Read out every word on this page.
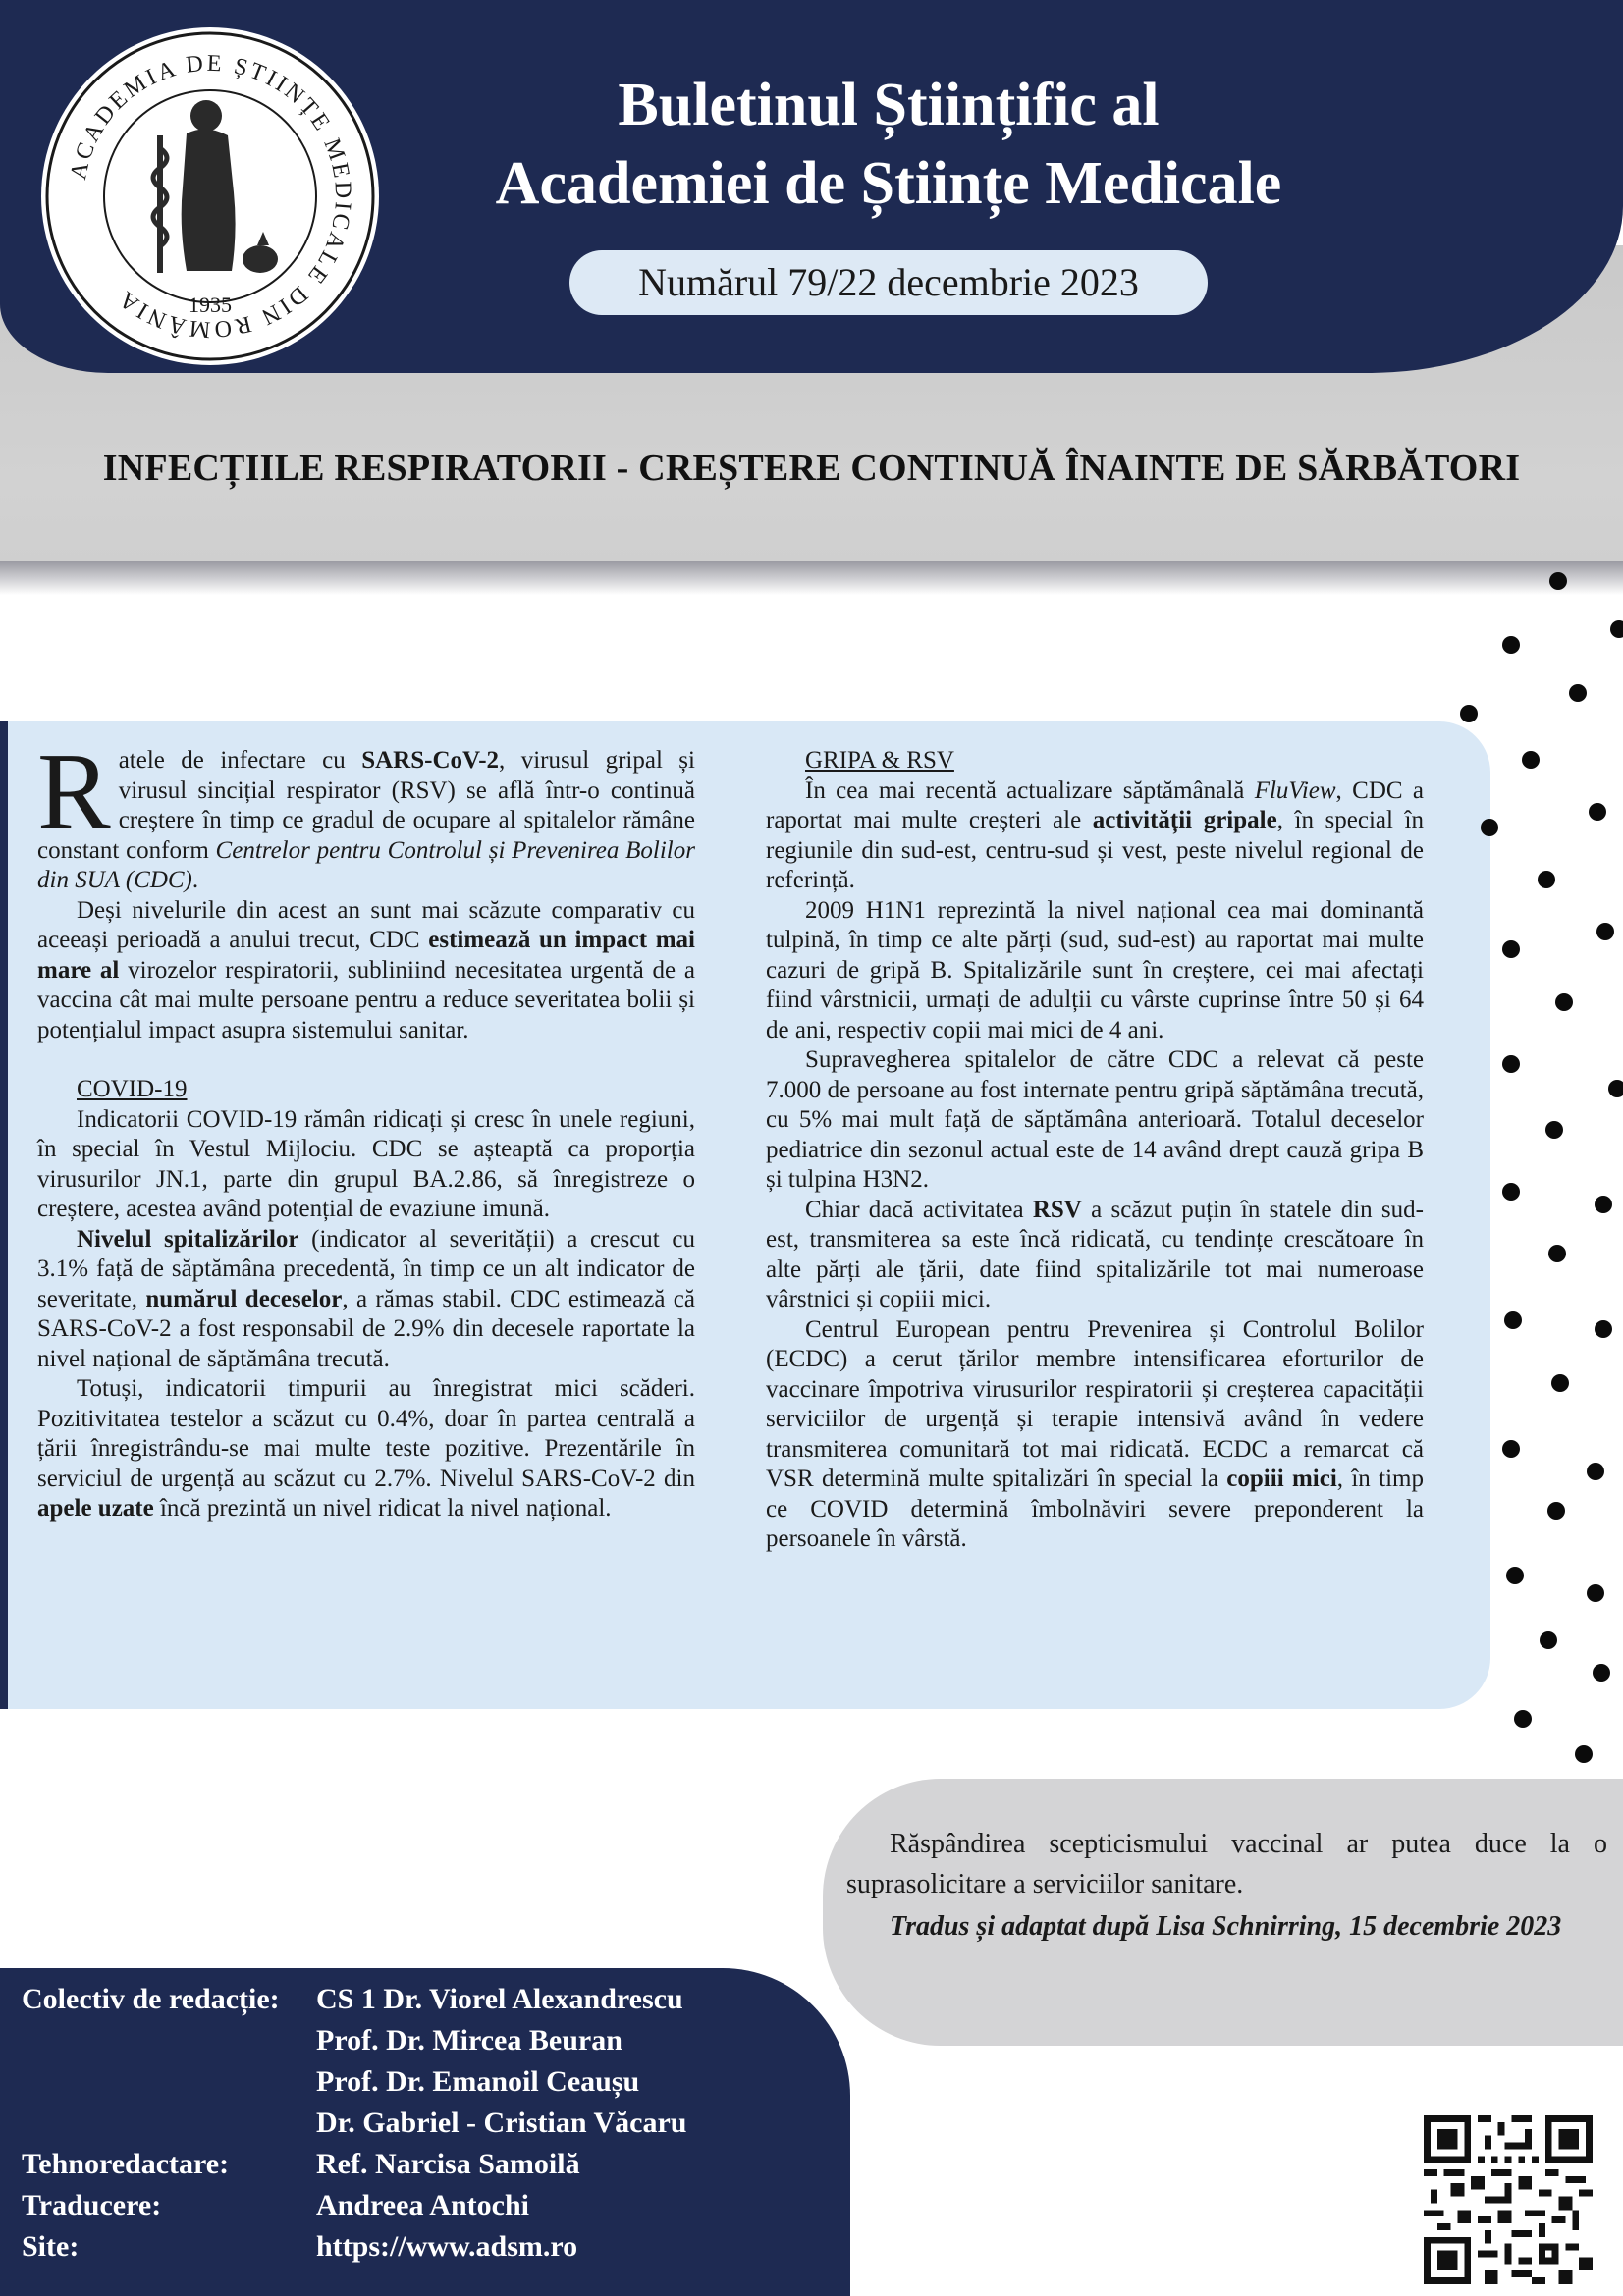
ACADEMIA DE ȘTIINȚE MEDICALE DIN ROMÂNIA	1935
Buletinul Științific al
Academiei de Științe Medicale
Numărul 79/22 decembrie 2023
INFECȚIILE RESPIRATORII - CREȘTERE CONTINUĂ ÎNAINTE DE SĂRBĂTORI

Ratele de infectare cu SARS-CoV-2, virusul gripal și virusul sincițial respirator (RSV) se află într-o continuă creștere în timp ce gradul de ocupare al spitalelor rămâne constant conform Centrelor pentru Controlul și Prevenirea Bolilor din SUA (CDC).

Deși nivelurile din acest an sunt mai scăzute comparativ cu aceeași perioadă a anului trecut, CDC estimează un impact mai mare al virozelor respiratorii, subliniind necesitatea urgentă de a vaccina cât mai multe persoane pentru a reduce severitatea bolii și potențialul impact asupra sistemului sanitar.

COVID-19

Indicatorii COVID-19 rămân ridicați și cresc în unele regiuni, în special în Vestul Mijlociu. CDC se așteaptă ca proporția virusurilor JN.1, parte din grupul BA.2.86, să înregistreze o creștere, acestea având potențial de evaziune imună.

Nivelul spitalizărilor (indicator al severității) a crescut cu 3.1% față de săptămâna precedentă, în timp ce un alt indicator de severitate, numărul deceselor, a rămas stabil. CDC estimează că SARS-CoV-2 a fost responsabil de 2.9% din decesele raportate la nivel național de săptămâna trecută.

Totuși, indicatorii timpurii au înregistrat mici scăderi. Pozitivitatea testelor a scăzut cu 0.4%, doar în partea centrală a țării înregistrându-se mai multe teste pozitive. Prezentările în serviciul de urgență au scăzut cu 2.7%. Nivelul SARS-CoV-2 din apele uzate încă prezintă un nivel ridicat la nivel național.

GRIPA & RSV

În cea mai recentă actualizare săptămânală FluView, CDC a raportat mai multe creșteri ale activității gripale, în special în regiunile din sud-est, centru-sud și vest, peste nivelul regional de referință.

2009 H1N1 reprezintă la nivel național cea mai dominantă tulpină, în timp ce alte părți (sud, sud-est) au raportat mai multe cazuri de gripă B. Spitalizările sunt în creștere, cei mai afectați fiind vârstnicii, urmați de adulții cu vârste cuprinse între 50 și 64 de ani, respectiv copii mai mici de 4 ani.

Supravegherea spitalelor de către CDC a relevat că peste 7.000 de persoane au fost internate pentru gripă săptămâna trecută, cu 5% mai mult față de săptămâna anterioară. Totalul deceselor pediatrice din sezonul actual este de 14 având drept cauză gripa B și tulpina H3N2.

Chiar dacă activitatea RSV a scăzut puțin în statele din sud-est, transmiterea sa este încă ridicată, cu tendințe crescătoare în alte părți ale țării, date fiind spitalizările tot mai numeroase vârstnici și copiii mici.

Centrul European pentru Prevenirea și Controlul Bolilor (ECDC) a cerut țărilor membre intensificarea eforturilor de vaccinare împotriva virusurilor respiratorii și creșterea capacității serviciilor de urgență și terapie intensivă având în vedere transmiterea comunitară tot mai ridicată. ECDC a remarcat că VSR determină multe spitalizări în special la copiii mici, în timp ce COVID determină îmbolnăviri severe preponderent la persoanele în vârstă.

Răspândirea scepticismului vaccinal ar putea duce la o suprasolicitare a serviciilor sanitare.

Tradus și adaptat după Lisa Schnirring, 15 decembrie 2023

Colectiv de redacție: CS 1 Dr. Viorel Alexandrescu
Prof. Dr. Mircea Beuran
Prof. Dr. Emanoil Ceaușu
Dr. Gabriel - Cristian Văcaru
Tehnoredactare:	Ref. Narcisa Samoilă
Traducere:	Andreea Antochi
Site:	https://www.adsm.ro
